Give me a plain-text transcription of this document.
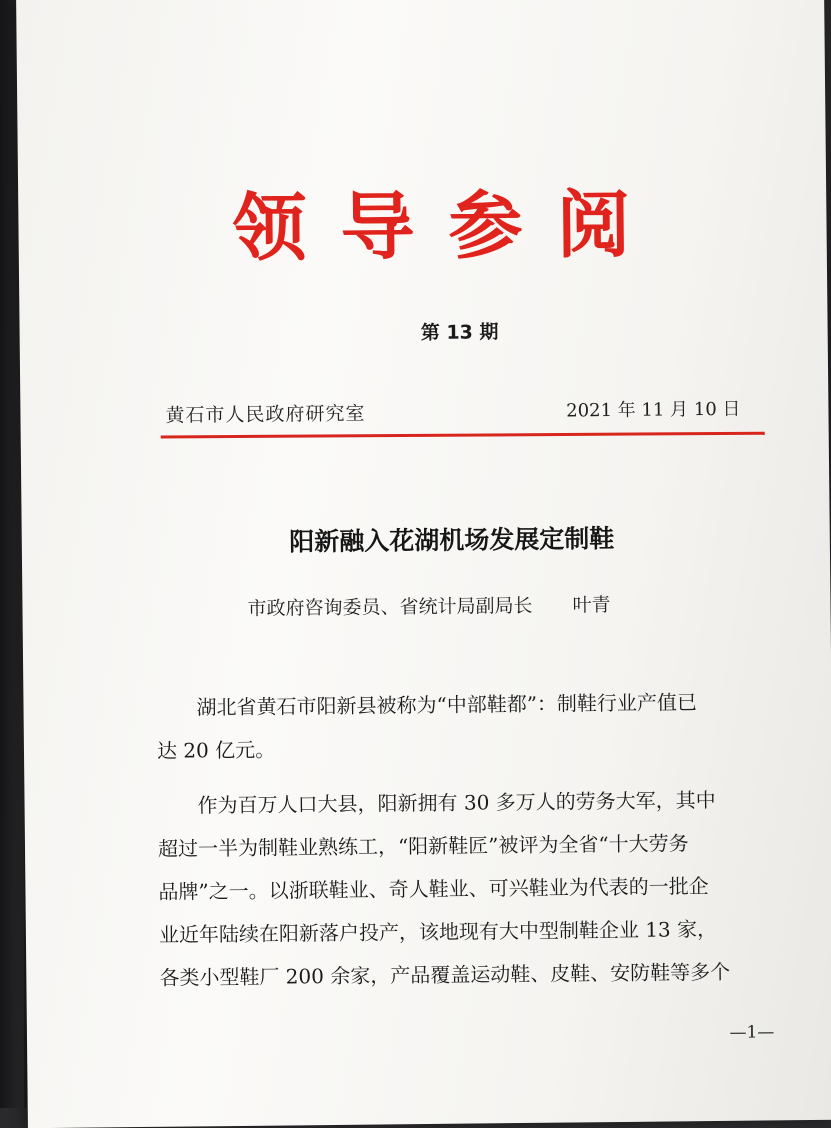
领导参阅
第 13 期
黄石市人民政府研究室	2021 年 11 月 10 日
阳新融入花湖机场发展定制鞋
市政府咨询委员、省统计局副局长 叶青
　　湖北省黄石市阳新县被称为“中部鞋都”：制鞋行业产值已
达 20 亿元。
　　作为百万人口大县，阳新拥有 30 多万人的劳务大军，其中
超过一半为制鞋业熟练工，“阳新鞋匠”被评为全省“十大劳务
品牌”之一。以浙联鞋业、奇人鞋业、可兴鞋业为代表的一批企
业近年陆续在阳新落户投产，该地现有大中型制鞋企业 13 家，
各类小型鞋厂 200 余家，产品覆盖运动鞋、皮鞋、安防鞋等多个
—1—
